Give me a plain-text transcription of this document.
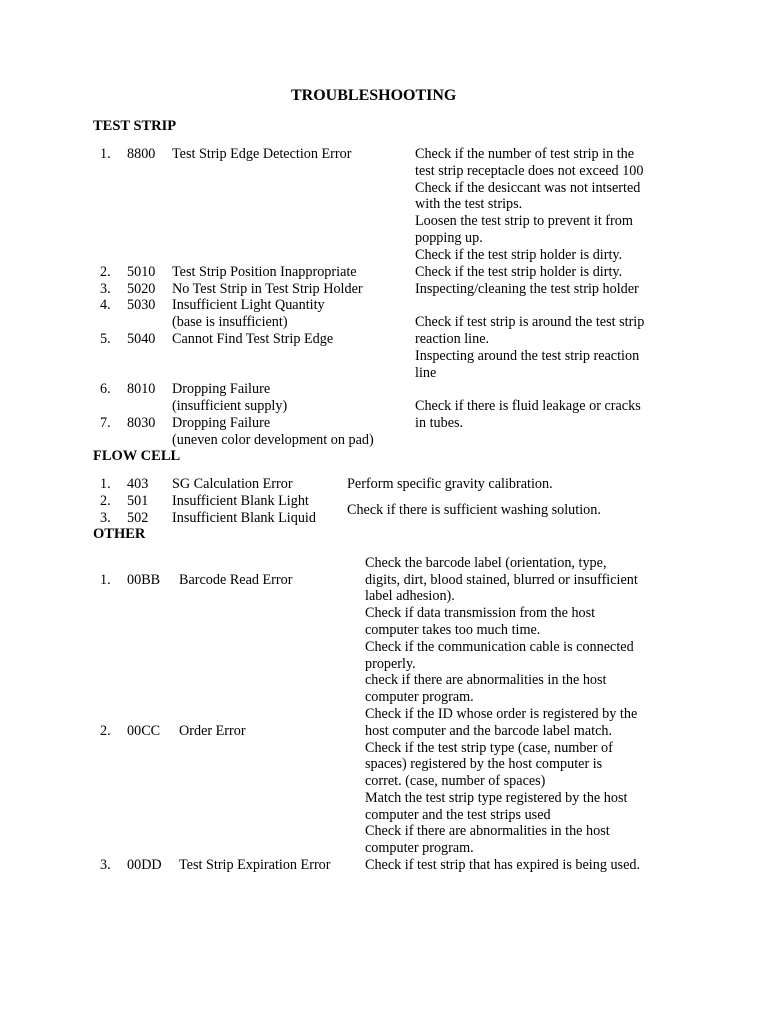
TROUBLESHOOTING
TEST STRIP
1. 8800 Test Strip Edge Detection Error
2. 5010 Test Strip Position Inappropriate
3. 5020 No Test Strip in Test Strip Holder
4. 5030 Insufficient Light Quantity
(base is insufficient)
5. 5040 Cannot Find Test Strip Edge
6. 8010 Dropping Failure
(insufficient supply)
7. 8030 Dropping Failure
(uneven color development on pad)
Check if the number of test strip in the
test strip receptacle does not exceed 100
Check if the desiccant was not intserted
with the test strips.
Loosen the test strip to prevent it from
popping up.
Check if the test strip holder is dirty.
Check if the test strip holder is dirty.
Inspecting/cleaning the test strip holder
Check if test strip is around the test strip
reaction line.
Inspecting around the test strip reaction
line
Check if there is fluid leakage or cracks
in tubes.
FLOW CELL
1. 403 SG Calculation Error
2. 501 Insufficient Blank Light
3. 502 Insufficient Blank Liquid
Perform specific gravity calibration.
Check if there is sufficient washing solution.
OTHER
1. 00BB Barcode Read Error
2. 00CC Order Error
3. 00DD Test Strip Expiration Error
Check the barcode label (orientation, type,
digits, dirt, blood stained, blurred or insufficient
label adhesion).
Check if data transmission from the host
computer takes too much time.
Check if the communication cable is connected
properly.
check if there are abnormalities in the host
computer program.
Check if the ID whose order is registered by the
host computer and the barcode label match.
Check if the test strip type (case, number of
spaces) registered by the host computer is
corret. (case, number of spaces)
Match the test strip type registered by the host
computer and the test strips used
Check if there are abnormalities in the host
computer program.
Check if test strip that has expired is being used.
